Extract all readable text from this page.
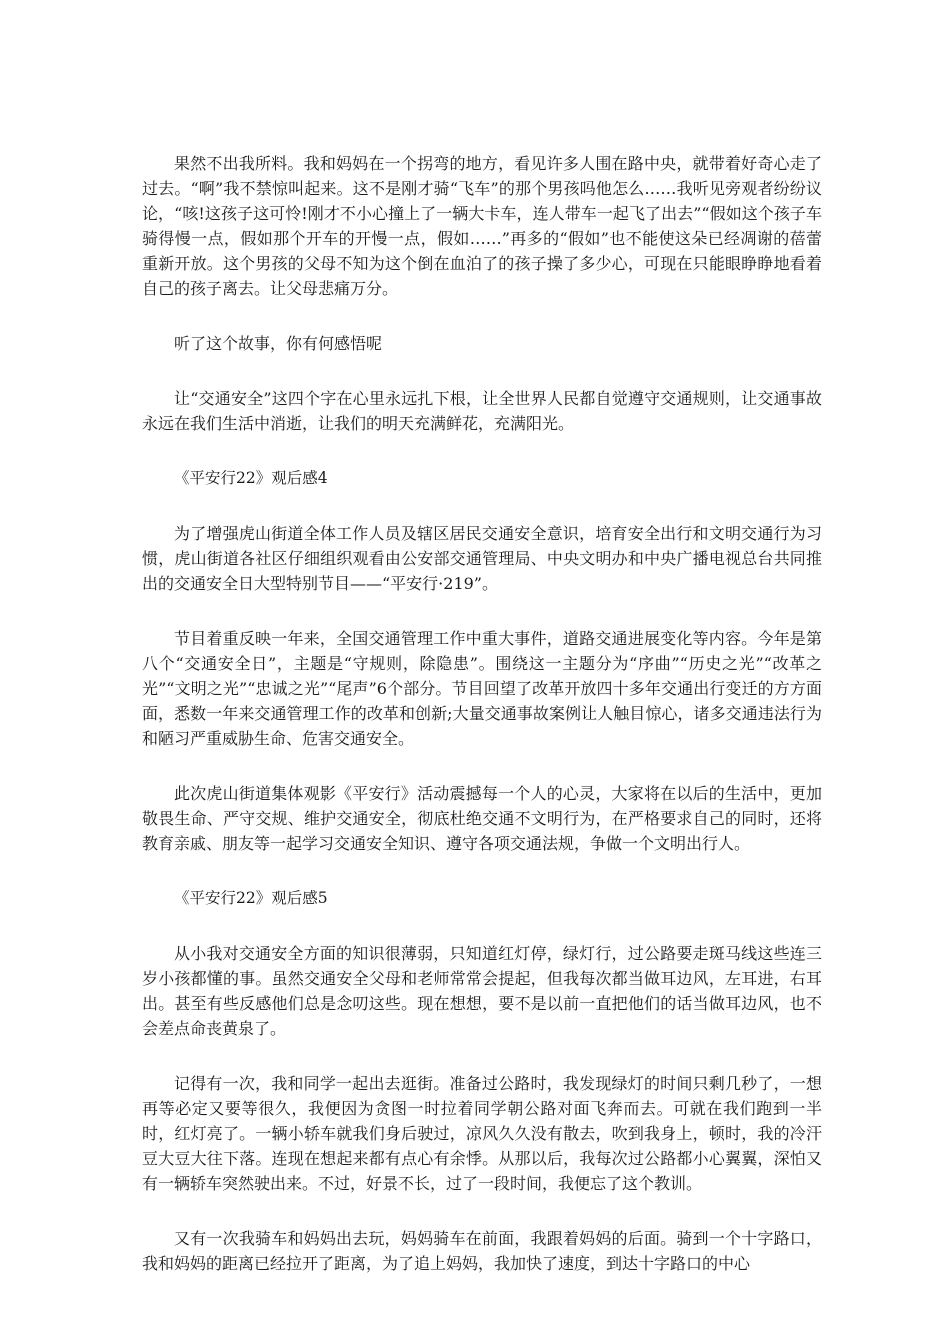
果然不出我所料。我和妈妈在一个拐弯的地方，看见许多人围在路中央，就带着好奇心走了过去。“啊”我不禁惊叫起来。这不是刚才骑“飞车”的那个男孩吗他怎么……我听见旁观者纷纷议论，“咳!这孩子这可怜!刚才不小心撞上了一辆大卡车，连人带车一起飞了出去”“假如这个孩子车骑得慢一点，假如那个开车的开慢一点，假如……”再多的“假如”也不能使这朵已经凋谢的蓓蕾重新开放。这个男孩的父母不知为这个倒在血泊了的孩子操了多少心，可现在只能眼睁睁地看着自己的孩子离去。让父母悲痛万分。

听了这个故事，你有何感悟呢

让“交通安全”这四个字在心里永远扎下根，让全世界人民都自觉遵守交通规则，让交通事故永远在我们生活中消逝，让我们的明天充满鲜花，充满阳光。

《平安行22》观后感4

为了增强虎山街道全体工作人员及辖区居民交通安全意识，培育安全出行和文明交通行为习惯，虎山街道各社区仔细组织观看由公安部交通管理局、中央文明办和中央广播电视总台共同推出的交通安全日大型特别节目——“平安行·219”。

节目着重反映一年来，全国交通管理工作中重大事件，道路交通进展变化等内容。今年是第八个“交通安全日”，主题是“守规则，除隐患”。围绕这一主题分为“序曲”“历史之光”“改革之光”“文明之光”“忠诚之光”“尾声”6个部分。节目回望了改革开放四十多年交通出行变迁的方方面面，悉数一年来交通管理工作的改革和创新;大量交通事故案例让人触目惊心，诸多交通违法行为和陋习严重威胁生命、危害交通安全。

此次虎山街道集体观影《平安行》活动震撼每一个人的心灵，大家将在以后的生活中，更加敬畏生命、严守交规、维护交通安全，彻底杜绝交通不文明行为，在严格要求自己的同时，还将教育亲戚、朋友等一起学习交通安全知识、遵守各项交通法规，争做一个文明出行人。

《平安行22》观后感5

从小我对交通安全方面的知识很薄弱，只知道红灯停，绿灯行，过公路要走斑马线这些连三岁小孩都懂的事。虽然交通安全父母和老师常常会提起，但我每次都当做耳边风，左耳进，右耳出。甚至有些反感他们总是念叨这些。现在想想，要不是以前一直把他们的话当做耳边风，也不会差点命丧黄泉了。

记得有一次，我和同学一起出去逛街。准备过公路时，我发现绿灯的时间只剩几秒了，一想再等必定又要等很久，我便因为贪图一时拉着同学朝公路对面飞奔而去。可就在我们跑到一半时，红灯亮了。一辆小轿车就我们身后驶过，凉风久久没有散去，吹到我身上，顿时，我的冷汗豆大豆大往下落。连现在想起来都有点心有余悸。从那以后，我每次过公路都小心翼翼，深怕又有一辆轿车突然驶出来。不过，好景不长，过了一段时间，我便忘了这个教训。

又有一次我骑车和妈妈出去玩，妈妈骑车在前面，我跟着妈妈的后面。骑到一个十字路口，我和妈妈的距离已经拉开了距离，为了追上妈妈，我加快了速度，到达十字路口的中心
